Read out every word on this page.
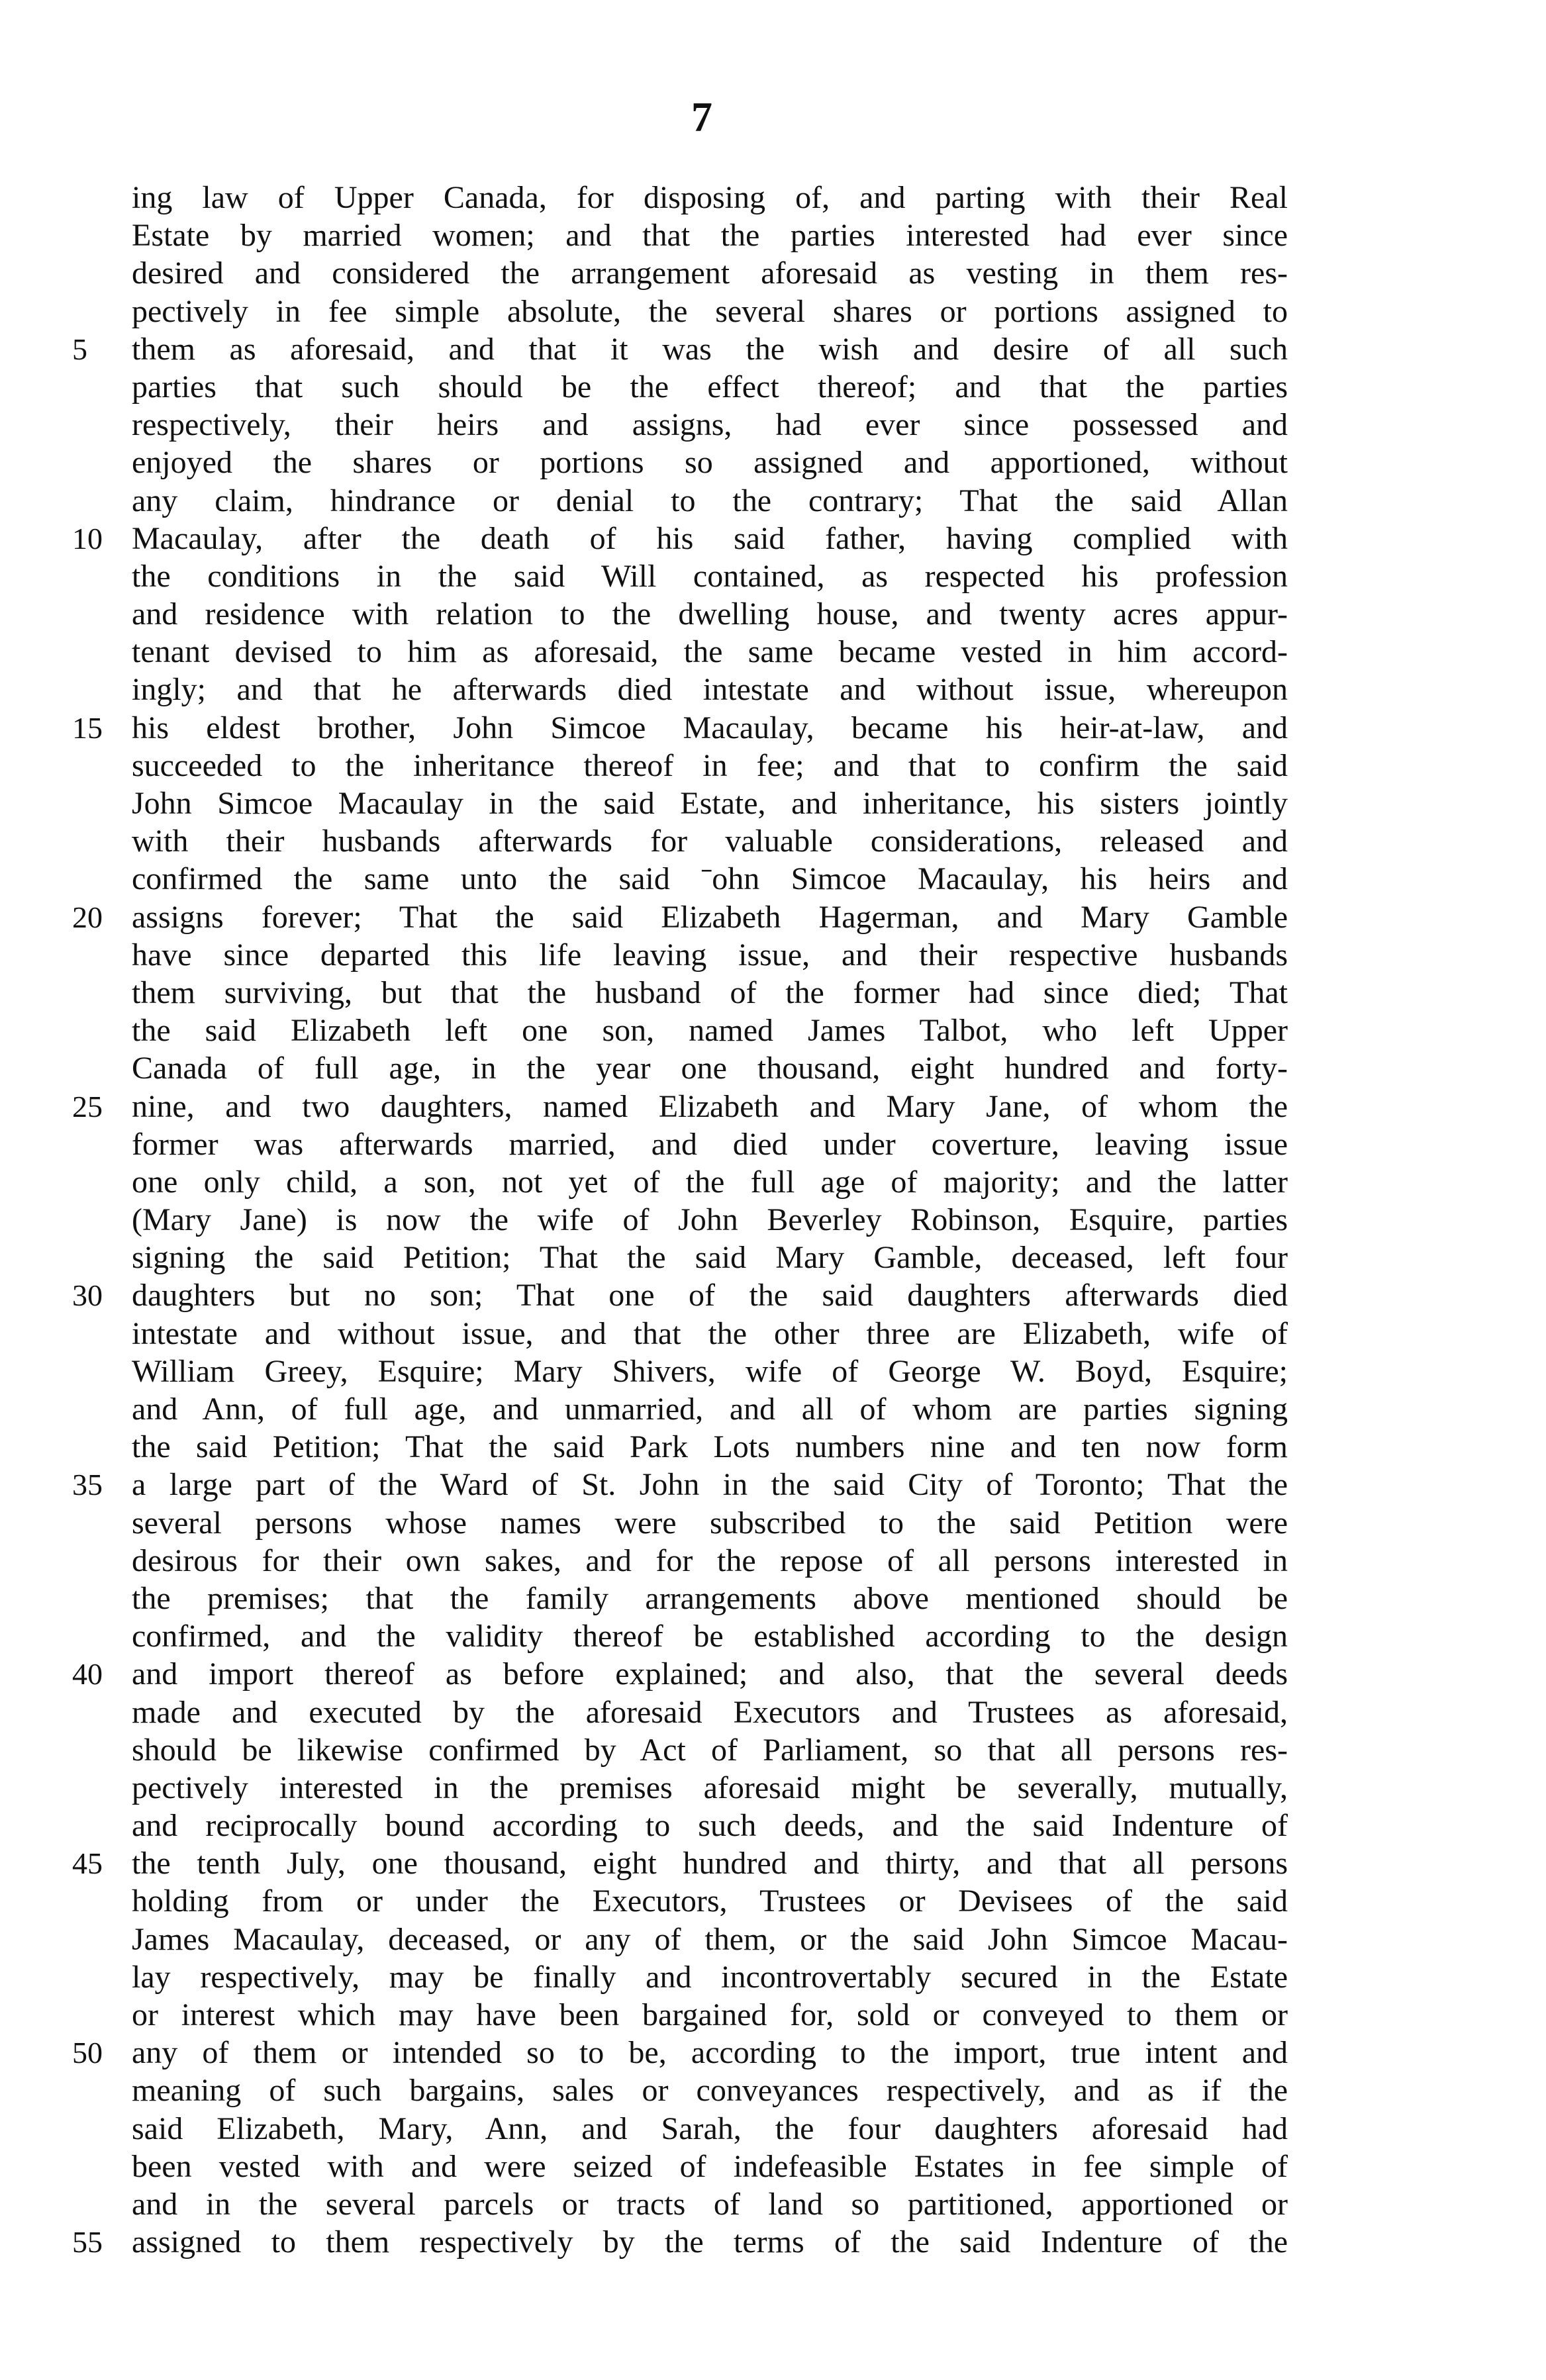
7
ing law of Upper Canada, for disposing of, and parting with their Real
Estate by married women; and that the parties interested had ever since
desired and considered the arrangement aforesaid as vesting in them res-
pectively in fee simple absolute, the several shares or portions assigned to
5	them as aforesaid, and that it was the wish and desire of all such
parties that such should be the effect thereof; and that the parties
respectively, their heirs and assigns, had ever since possessed and
enjoyed the shares or portions so assigned and apportioned, without
any claim, hindrance or denial to the contrary; That the said Allan
10 Macaulay, after the death of his said father, having complied with
the conditions in the said Will contained, as respected his profession
and residence with relation to the dwelling house, and twenty acres appur-
tenant devised to him as aforesaid, the same became vested in him accord-
ingly; and that he afterwards died intestate and without issue, whereupon
15 his eldest brother, John Simcoe Macaulay, became his heir-at-law, and
succeeded to the inheritance thereof in fee; and that to confirm the said
John Simcoe Macaulay in the said Estate, and inheritance, his sisters jointly
with their husbands afterwards for valuable considerations, released and
confirmed the same unto the said ˉohn Simcoe Macaulay, his heirs and
20 assigns forever; That the said Elizabeth Hagerman, and Mary Gamble
have since departed this life leaving issue, and their respective husbands
them surviving, but that the husband of the former had since died; That
the said Elizabeth left one son, named James Talbot, who left Upper
Canada of full age, in the year one thousand, eight hundred and forty-
25 nine, and two daughters, named Elizabeth and Mary Jane, of whom the
former was afterwards married, and died under coverture, leaving issue
one only child, a son, not yet of the full age of majority; and the latter
(Mary Jane) is now the wife of John Beverley Robinson, Esquire, parties
signing the said Petition; That the said Mary Gamble, deceased, left four
30 daughters but no son; That one of the said daughters afterwards died
intestate and without issue, and that the other three are Elizabeth, wife of
William Greey, Esquire; Mary Shivers, wife of George W. Boyd, Esquire;
and Ann, of full age, and unmarried, and all of whom are parties signing
the said Petition; That the said Park Lots numbers nine and ten now form
35 a large part of the Ward of St. John in the said City of Toronto; That the
several persons whose names were subscribed to the said Petition were
desirous for their own sakes, and for the repose of all persons interested in
the premises; that the family arrangements above mentioned should be
confirmed, and the validity thereof be established according to the design
40 and import thereof as before explained; and also, that the several deeds
made and executed by the aforesaid Executors and Trustees as aforesaid,
should be likewise confirmed by Act of Parliament, so that all persons res-
pectively interested in the premises aforesaid might be severally, mutually,
and reciprocally bound according to such deeds, and the said Indenture of
45 the tenth July, one thousand, eight hundred and thirty, and that all persons
holding from or under the Executors, Trustees or Devisees of the said
James Macaulay, deceased, or any of them, or the said John Simcoe Macau-
lay respectively, may be finally and incontrovertably secured in the Estate
or interest which may have been bargained for, sold or conveyed to them or
50 any of them or intended so to be, according to the import, true intent and
meaning of such bargains, sales or conveyances respectively, and as if the
said Elizabeth, Mary, Ann, and Sarah, the four daughters aforesaid had
been vested with and were seized of indefeasible Estates in fee simple of
and in the several parcels or tracts of land so partitioned, apportioned or
55 assigned to them respectively by the terms of the said Indenture of the
